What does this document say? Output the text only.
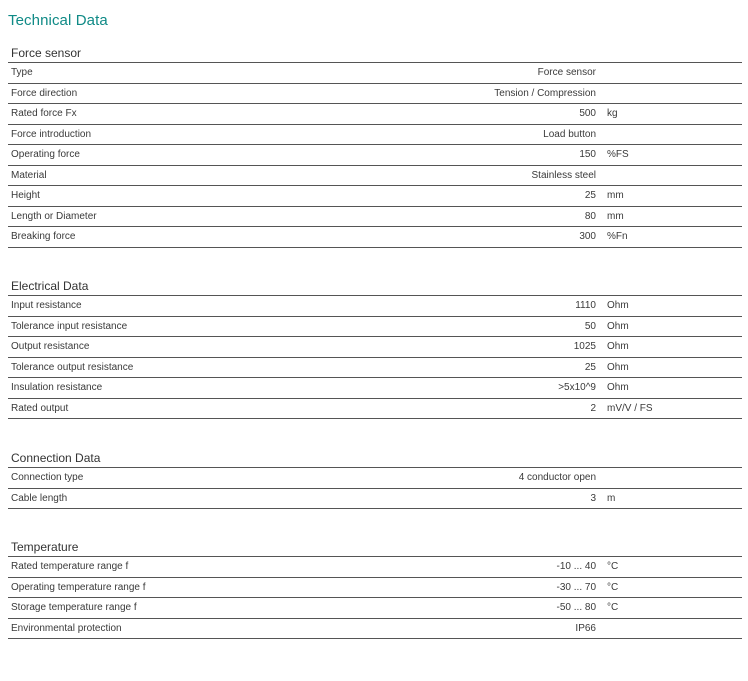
Technical Data
Force sensor
Type	Force sensor
Force direction	Tension / Compression
Rated force Fx	500 kg
Force introduction	Load button
Operating force	150 %FS
Material	Stainless steel
Height	25 mm
Length or Diameter	80 mm
Breaking force	300 %Fn
Electrical Data
Input resistance	1110 Ohm
Tolerance input resistance	50 Ohm
Output resistance	1025 Ohm
Tolerance output resistance	25 Ohm
Insulation resistance	>5x10^9 Ohm
Rated output	2 mV/V / FS
Connection Data
Connection type	4 conductor open
Cable length	3 m
Temperature
Rated temperature range f	-10 ... 40 °C
Operating temperature range f	-30 ... 70 °C
Storage temperature range f	-50 ... 80 °C
Environmental protection	IP66
